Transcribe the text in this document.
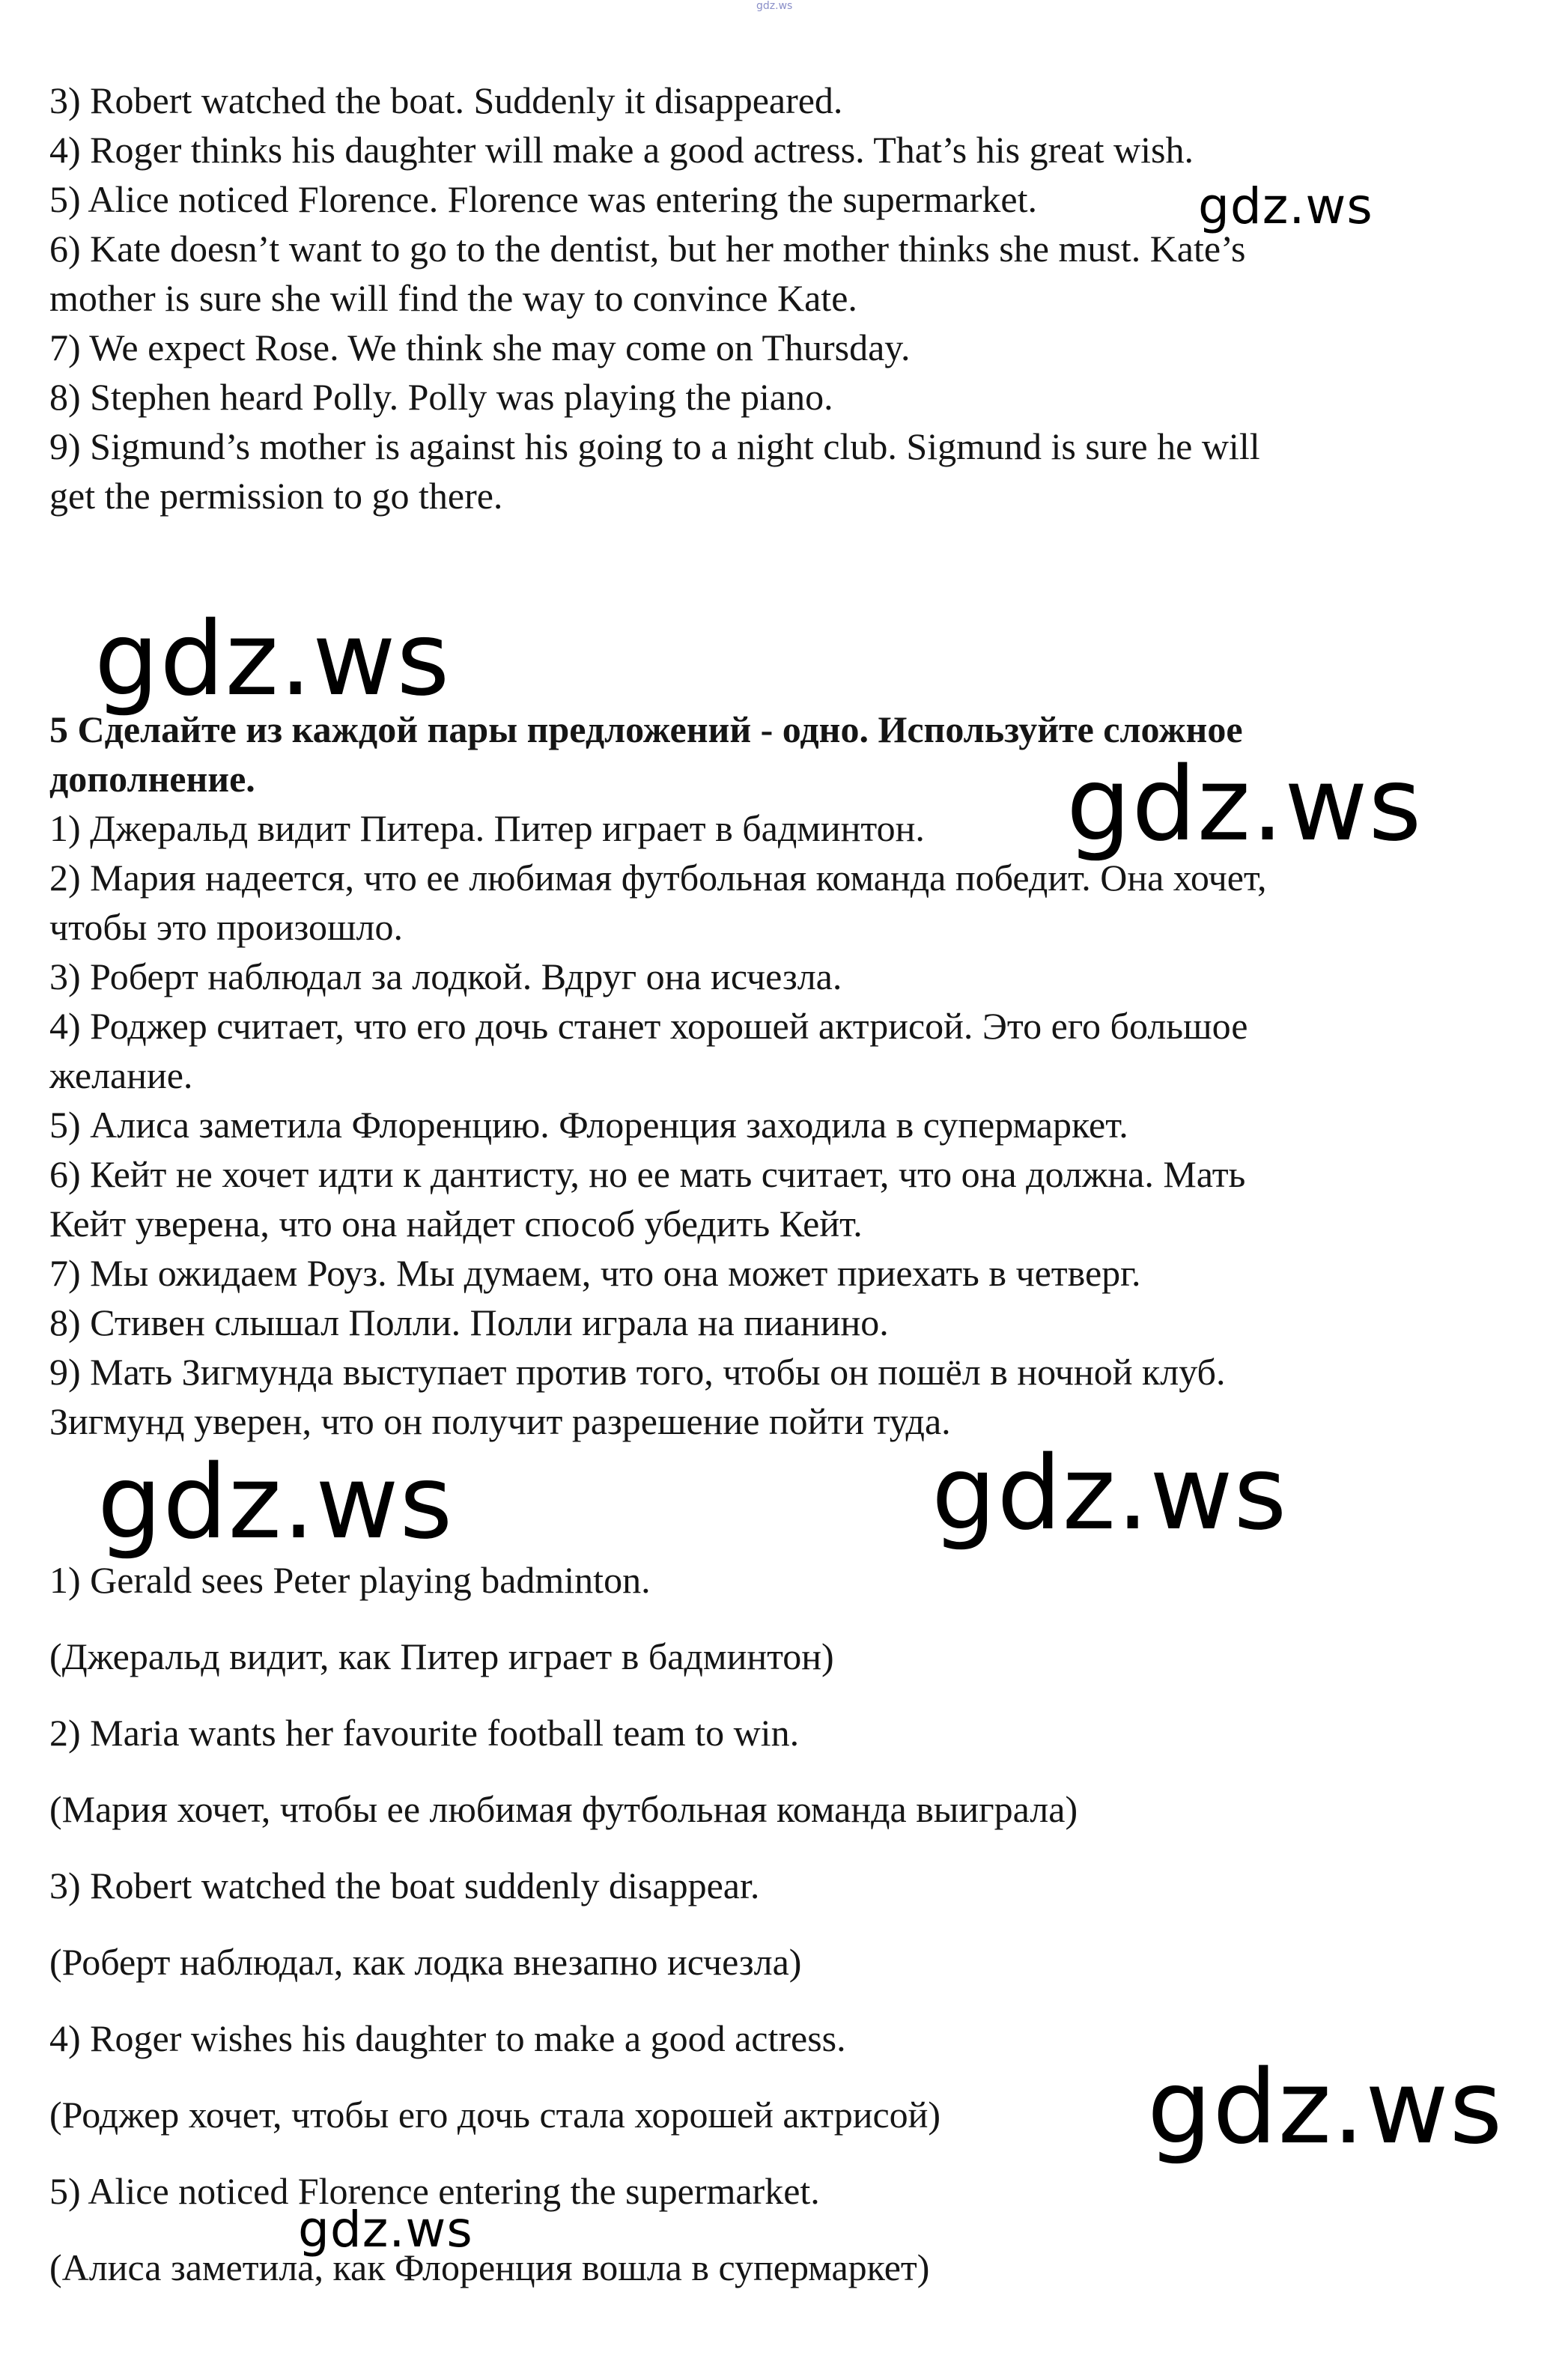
gdz.ws
3) Robert watched the boat. Suddenly it disappeared.
4) Roger thinks his daughter will make a good actress. That’s his great wish.
5) Alice noticed Florence. Florence was entering the supermarket.
6) Kate doesn’t want to go to the dentist, but her mother thinks she must. Kate’s
mother is sure she will find the way to convince Kate.
7) We expect Rose. We think she may come on Thursday.
8) Stephen heard Polly. Polly was playing the piano.
9) Sigmund’s mother is against his going to a night club. Sigmund is sure he will
get the permission to go there.
5 Сделайте из каждой пары предложений - одно. Используйте сложное
дополнение.
1) Джеральд видит Питера. Питер играет в бадминтон.
2) Мария надеется, что ее любимая футбольная команда победит. Она хочет,
чтобы это произошло.
3) Роберт наблюдал за лодкой. Вдруг она исчезла.
4) Роджер считает, что его дочь станет хорошей актрисой. Это его большое
желание.
5) Алиса заметила Флоренцию. Флоренция заходила в супермаркет.
6) Кейт не хочет идти к дантисту, но ее мать считает, что она должна. Мать
Кейт уверена, что она найдет способ убедить Кейт.
7) Мы ожидаем Роуз. Мы думаем, что она может приехать в четверг.
8) Стивен слышал Полли. Полли играла на пианино.
9) Мать Зигмунда выступает против того, чтобы он пошёл в ночной клуб.
Зигмунд уверен, что он получит разрешение пойти туда.
1) Gerald sees Peter playing badminton.
(Джеральд видит, как Питер играет в бадминтон)
2) Maria wants her favourite football team to win.
(Мария хочет, чтобы ее любимая футбольная команда выиграла)
3) Robert watched the boat suddenly disappear.
(Роберт наблюдал, как лодка внезапно исчезла)
4) Roger wishes his daughter to make a good actress.
(Роджер хочет, чтобы его дочь стала хорошей актрисой)
5) Alice noticed Florence entering the supermarket.
(Алиса заметила, как Флоренция вошла в супермаркет)
gdz.ws
gdz.ws
gdz.ws
gdz.ws	gdz.ws
gdz.ws
gdz.ws
